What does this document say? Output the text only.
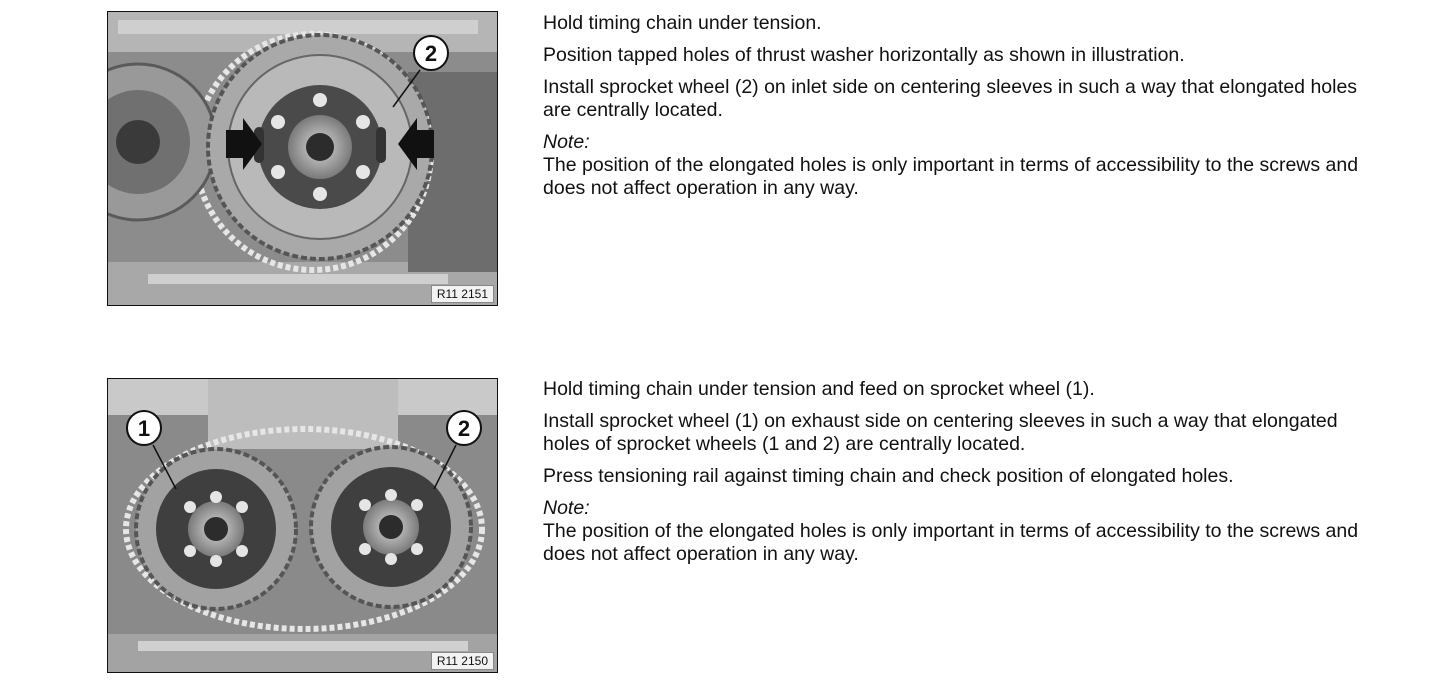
2
R11 2151

Hold timing chain under tension.

Position tapped holes of thrust washer horizontally as shown in illustration.

Install sprocket wheel (2) on inlet side on centering sleeves in such a way that elongated holes are centrally located.

Note:

The position of the elongated holes is only important in terms of accessibility to the screws and does not affect operation in any way.

1	2
R11 2150

Hold timing chain under tension and feed on sprocket wheel (1).

Install sprocket wheel (1) on exhaust side on centering sleeves in such a way that elongated holes of sprocket wheels (1 and 2) are centrally located.

Press tensioning rail against timing chain and check position of elongated holes.

Note:

The position of the elongated holes is only important in terms of accessibility to the screws and does not affect operation in any way.
